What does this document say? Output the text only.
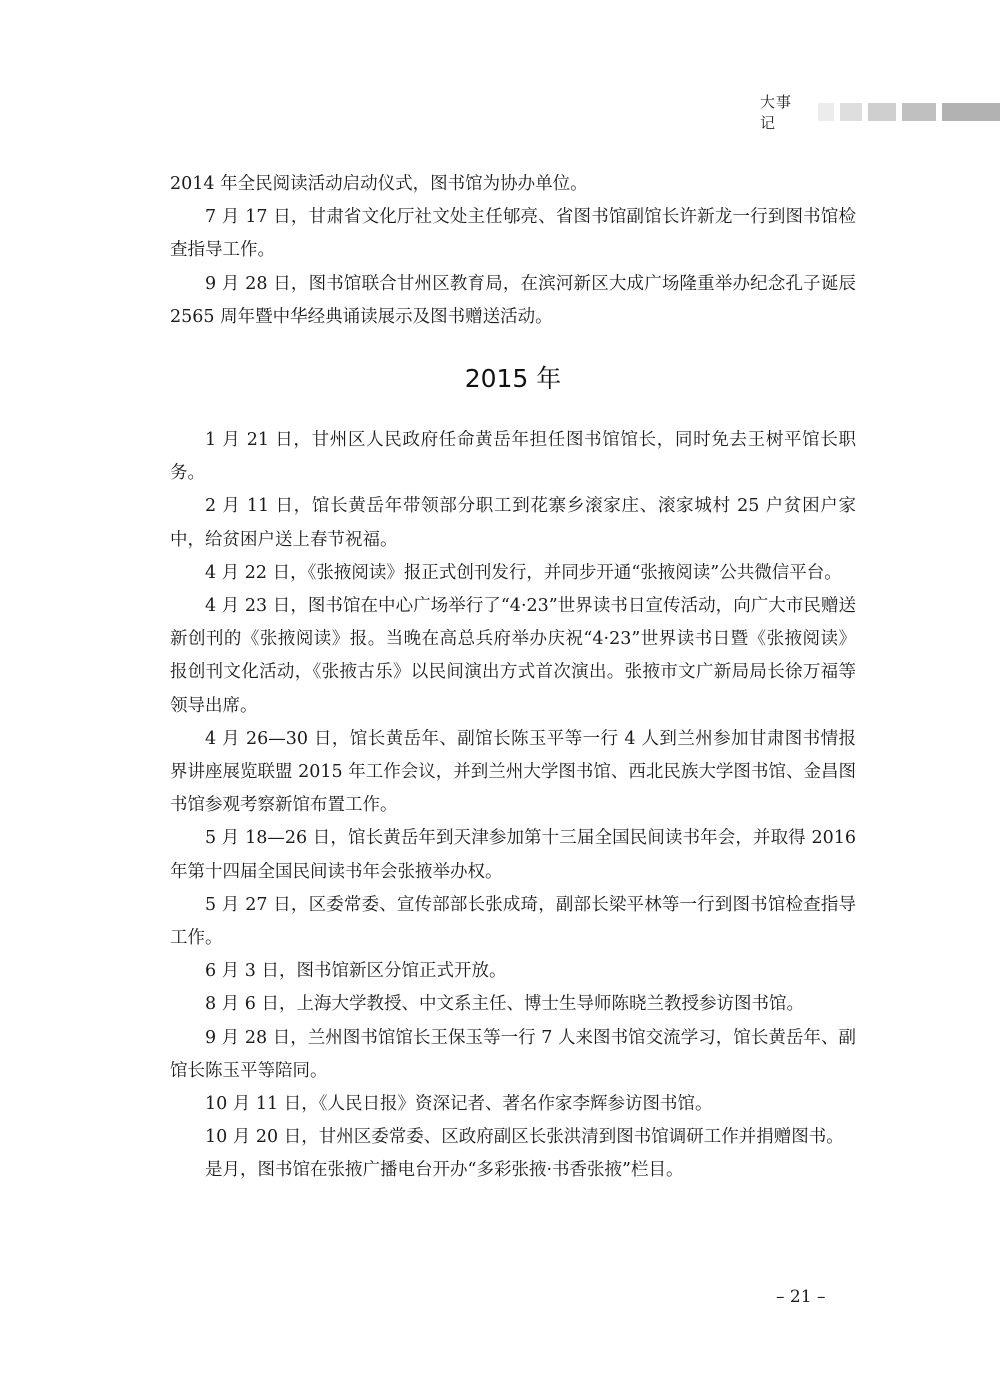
大事记

2014 年全民阅读活动启动仪式，图书馆为协办单位。

7 月 17 日，甘肃省文化厅社文处主任郇亮、省图书馆副馆长许新龙一行到图书馆检查指导工作。

9 月 28 日，图书馆联合甘州区教育局，在滨河新区大成广场隆重举办纪念孔子诞辰 2565 周年暨中华经典诵读展示及图书赠送活动。

2015 年

1 月 21 日，甘州区人民政府任命黄岳年担任图书馆馆长，同时免去王树平馆长职务。

2 月 11 日，馆长黄岳年带领部分职工到花寨乡滚家庄、滚家城村 25 户贫困户家中，给贫困户送上春节祝福。

4 月 22 日，《张掖阅读》报正式创刊发行，并同步开通“张掖阅读”公共微信平台。

4 月 23 日，图书馆在中心广场举行了“4·23”世界读书日宣传活动，向广大市民赠送新创刊的《张掖阅读》报。当晚在高总兵府举办庆祝“4·23”世界读书日暨《张掖阅读》报创刊文化活动，《张掖古乐》以民间演出方式首次演出。张掖市文广新局局长徐万福等领导出席。

4 月 26—30 日，馆长黄岳年、副馆长陈玉平等一行 4 人到兰州参加甘肃图书情报界讲座展览联盟 2015 年工作会议，并到兰州大学图书馆、西北民族大学图书馆、金昌图书馆参观考察新馆布置工作。

5 月 18—26 日，馆长黄岳年到天津参加第十三届全国民间读书年会，并取得 2016 年第十四届全国民间读书年会张掖举办权。

5 月 27 日，区委常委、宣传部部长张成琦，副部长梁平林等一行到图书馆检查指导工作。

6 月 3 日，图书馆新区分馆正式开放。

8 月 6 日，上海大学教授、中文系主任、博士生导师陈晓兰教授参访图书馆。

9 月 28 日，兰州图书馆馆长王保玉等一行 7 人来图书馆交流学习，馆长黄岳年、副馆长陈玉平等陪同。

10 月 11 日，《人民日报》资深记者、著名作家李辉参访图书馆。

10 月 20 日，甘州区委常委、区政府副区长张洪清到图书馆调研工作并捐赠图书。

是月，图书馆在张掖广播电台开办“多彩张掖·书香张掖”栏目。

– 21 –
